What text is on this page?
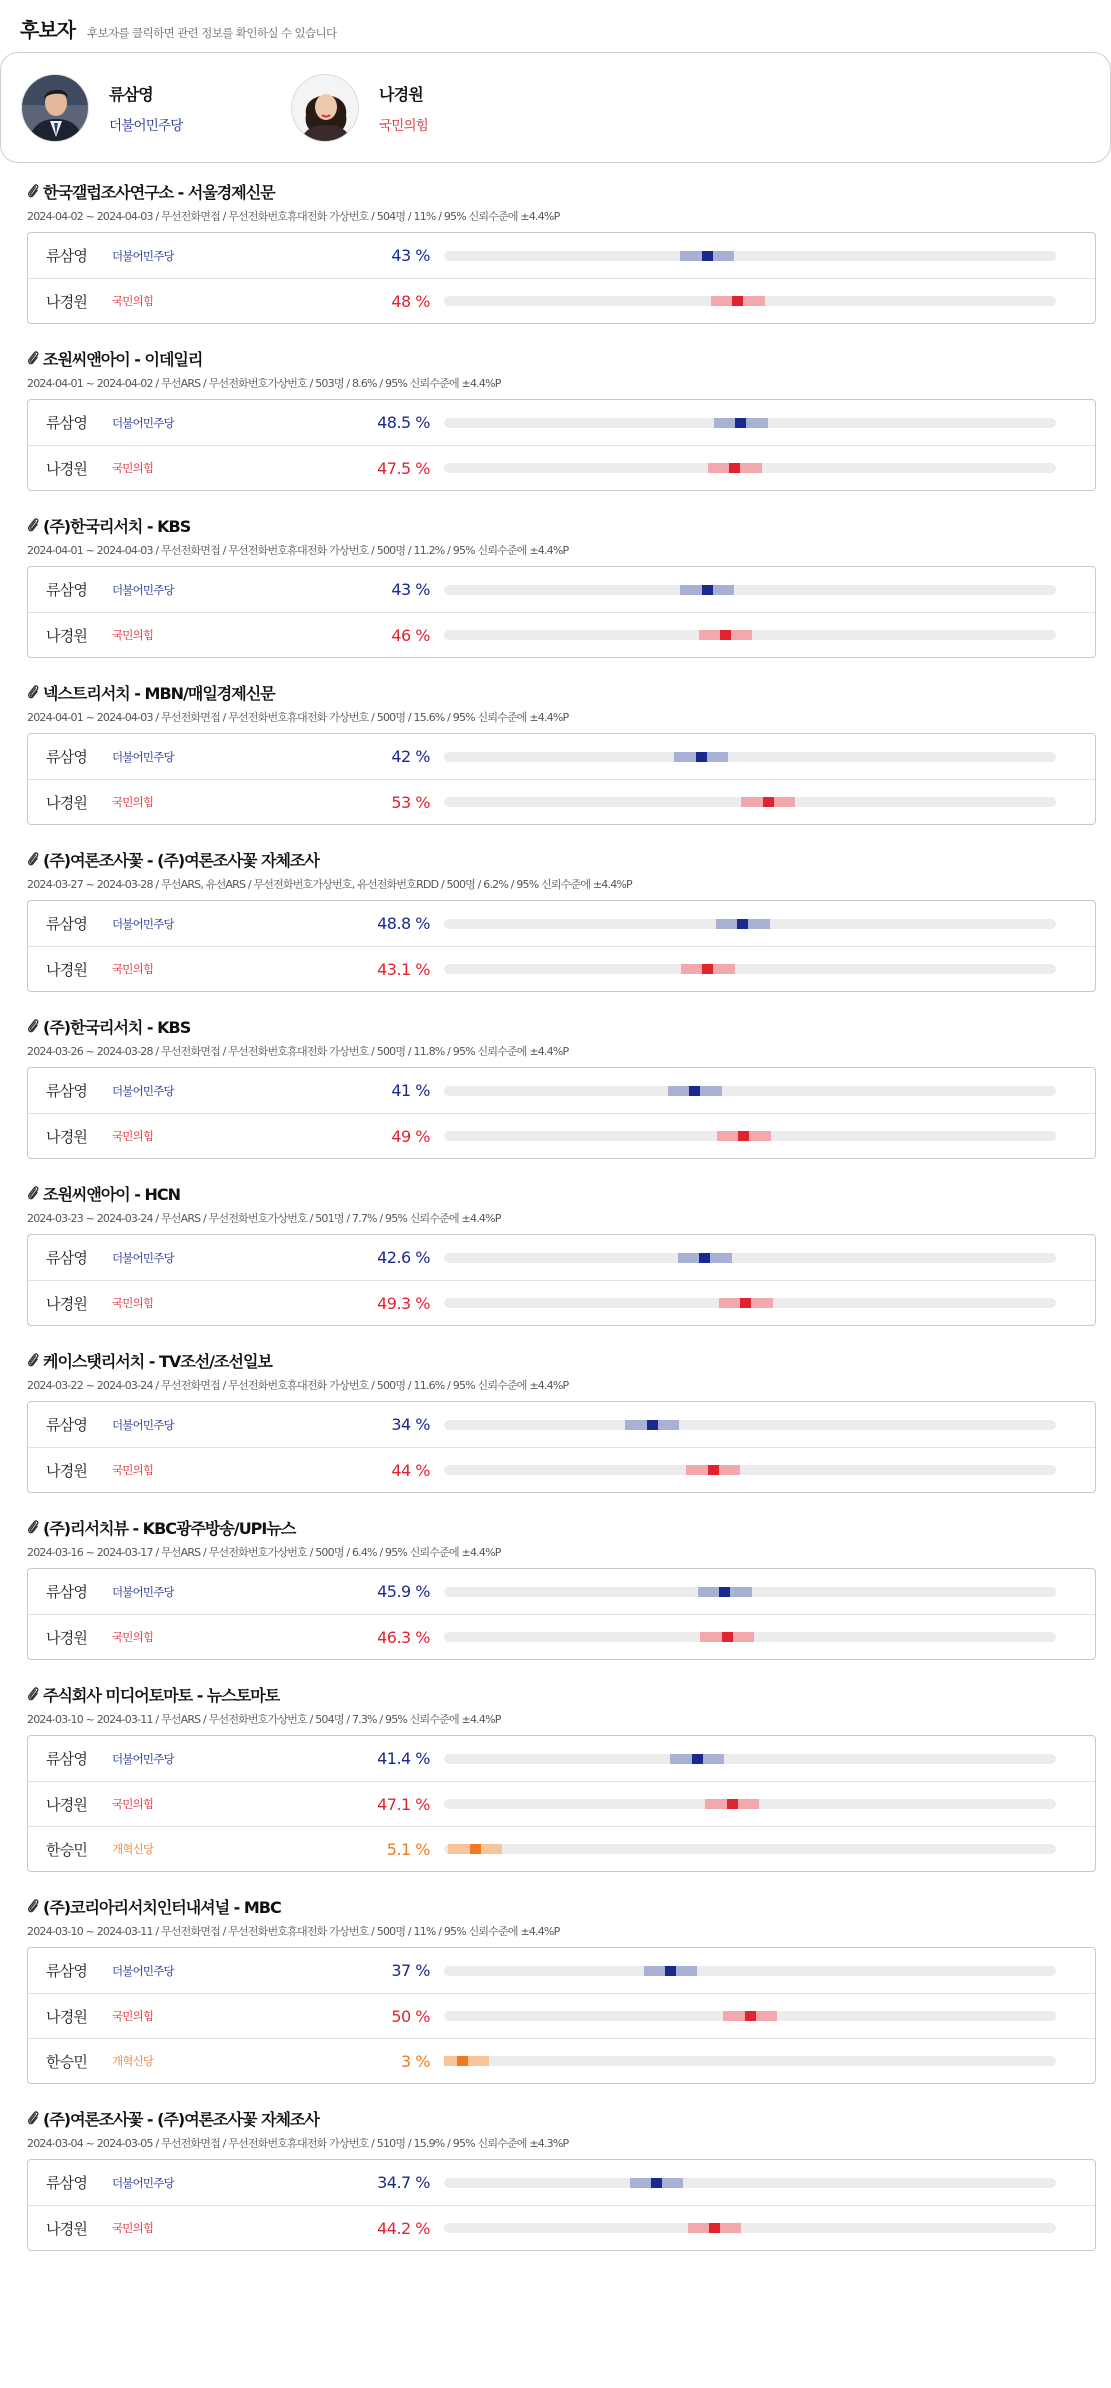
후보자 후보자를 클릭하면 관련 정보를 확인하실 수 있습니다
류삼영
더불어민주당
나경원
국민의힘
한국갤럽조사연구소 - 서울경제신문
2024-04-02 ~ 2024-04-03 / 무선전화면접 / 무선전화번호휴대전화 가상번호 / 504명 / 11% / 95% 신뢰수준에 ±4.4%P
류삼영	더불어민주당	43 %
나경원	국민의힘	48 %
조원씨앤아이 - 이데일리
2024-04-01 ~ 2024-04-02 / 무선ARS / 무선전화번호가상번호 / 503명 / 8.6% / 95% 신뢰수준에 ±4.4%P
류삼영	더불어민주당	48.5 %
나경원	국민의힘	47.5 %
(주)한국리서치 - KBS
2024-04-01 ~ 2024-04-03 / 무선전화면접 / 무선전화번호휴대전화 가상번호 / 500명 / 11.2% / 95% 신뢰수준에 ±4.4%P
류삼영	더불어민주당	43 %
나경원	국민의힘	46 %
넥스트리서치 - MBN/매일경제신문
2024-04-01 ~ 2024-04-03 / 무선전화면접 / 무선전화번호휴대전화 가상번호 / 500명 / 15.6% / 95% 신뢰수준에 ±4.4%P
류삼영	더불어민주당	42 %
나경원	국민의힘	53 %
(주)여론조사꽃 - (주)여론조사꽃 자체조사
2024-03-27 ~ 2024-03-28 / 무선ARS, 유선ARS / 무선전화번호가상번호, 유선전화번호RDD / 500명 / 6.2% / 95% 신뢰수준에 ±4.4%P
류삼영	더불어민주당	48.8 %
나경원	국민의힘	43.1 %
(주)한국리서치 - KBS
2024-03-26 ~ 2024-03-28 / 무선전화면접 / 무선전화번호휴대전화 가상번호 / 500명 / 11.8% / 95% 신뢰수준에 ±4.4%P
류삼영	더불어민주당	41 %
나경원	국민의힘	49 %
조원씨앤아이 - HCN
2024-03-23 ~ 2024-03-24 / 무선ARS / 무선전화번호가상번호 / 501명 / 7.7% / 95% 신뢰수준에 ±4.4%P
류삼영	더불어민주당	42.6 %
나경원	국민의힘	49.3 %
케이스탯리서치 - TV조선/조선일보
2024-03-22 ~ 2024-03-24 / 무선전화면접 / 무선전화번호휴대전화 가상번호 / 500명 / 11.6% / 95% 신뢰수준에 ±4.4%P
류삼영	더불어민주당	34 %
나경원	국민의힘	44 %
(주)리서치뷰 - KBC광주방송/UPI뉴스
2024-03-16 ~ 2024-03-17 / 무선ARS / 무선전화번호가상번호 / 500명 / 6.4% / 95% 신뢰수준에 ±4.4%P
류삼영	더불어민주당	45.9 %
나경원	국민의힘	46.3 %
주식회사 미디어토마토 - 뉴스토마토
2024-03-10 ~ 2024-03-11 / 무선ARS / 무선전화번호가상번호 / 504명 / 7.3% / 95% 신뢰수준에 ±4.4%P
류삼영	더불어민주당	41.4 %
나경원	국민의힘	47.1 %
한승민	개혁신당	5.1 %
(주)코리아리서치인터내셔널 - MBC
2024-03-10 ~ 2024-03-11 / 무선전화면접 / 무선전화번호휴대전화 가상번호 / 500명 / 11% / 95% 신뢰수준에 ±4.4%P
류삼영	더불어민주당	37 %
나경원	국민의힘	50 %
한승민	개혁신당	3 %
(주)여론조사꽃 - (주)여론조사꽃 자체조사
2024-03-04 ~ 2024-03-05 / 무선전화면접 / 무선전화번호휴대전화 가상번호 / 510명 / 15.9% / 95% 신뢰수준에 ±4.3%P
류삼영	더불어민주당	34.7 %
나경원	국민의힘	44.2 %
